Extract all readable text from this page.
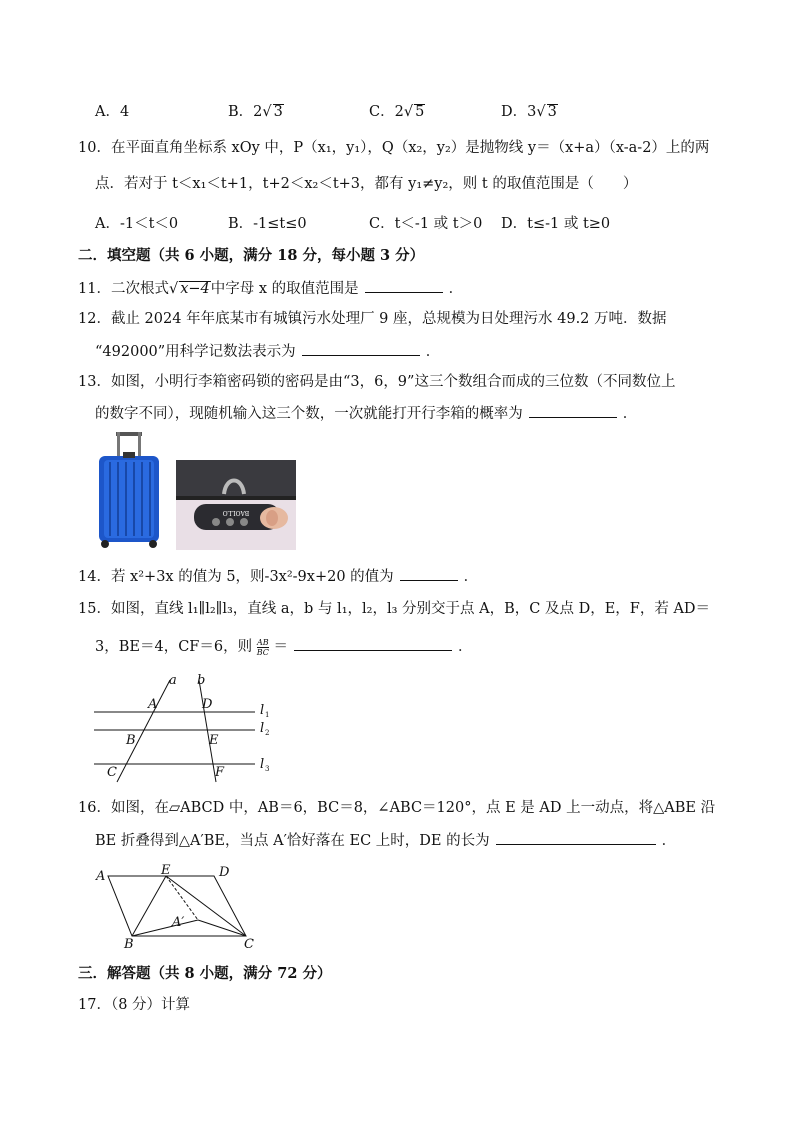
A．4	B．2√ 3	C．2√ 5	D．3√ 3
10．在平面直角坐标系 xOy 中，P（x₁，y₁），Q（x₂，y₂）是抛物线 y＝（x+a）（x-a-2）上的两
点．若对于 t＜x₁＜t+1，t+2＜x₂＜t+3，都有 y₁≠y₂，则 t 的取值范围是（　　）
A．-1＜t＜0	B．-1≤t≤0	C．t＜-1 或 t＞0 D．t≤-1 或 t≥0
二．填空题（共 6 小题，满分 18 分，每小题 3 分）
11．二次根式√ x−4中字母 x 的取值范围是	．
12．截止 2024 年年底某市有城镇污水处理厂 9 座，总规模为日处理污水 49.2 万吨．数据
“492000”用科学记数法表示为	．
13．如图，小明行李箱密码锁的密码是由“3，6，9”这三个数组合而成的三位数（不同数位上
的数字不同），现随机输入这三个数，一次就能打开行李箱的概率为	．
BAOLLO
14．若 x²+3x 的值为 5，则-3x²-9x+20 的值为	．
15．如图，直线 l₁∥l₂∥l₃，直线 a，b 与 l₁，l₂，l₃ 分别交于点 A，B，C 及点 D，E，F，若 AD＝
3，BE＝4，CF＝6，则 $\frac{AB}{BC}$ ＝	．
a b
A	D
B	E
C	F
l
l
l
1
2
3
16．如图，在▱ABCD 中，AB＝6，BC＝8，∠ABC＝120°，点 E 是 AD 上一动点，将△ABE 沿
BE 折叠得到△A′BE，当点 A′恰好落在 EC 上时，DE 的长为	．
A	E	D
A′
B	C
三．解答题（共 8 小题，满分 72 分）
17．（8 分）计算
